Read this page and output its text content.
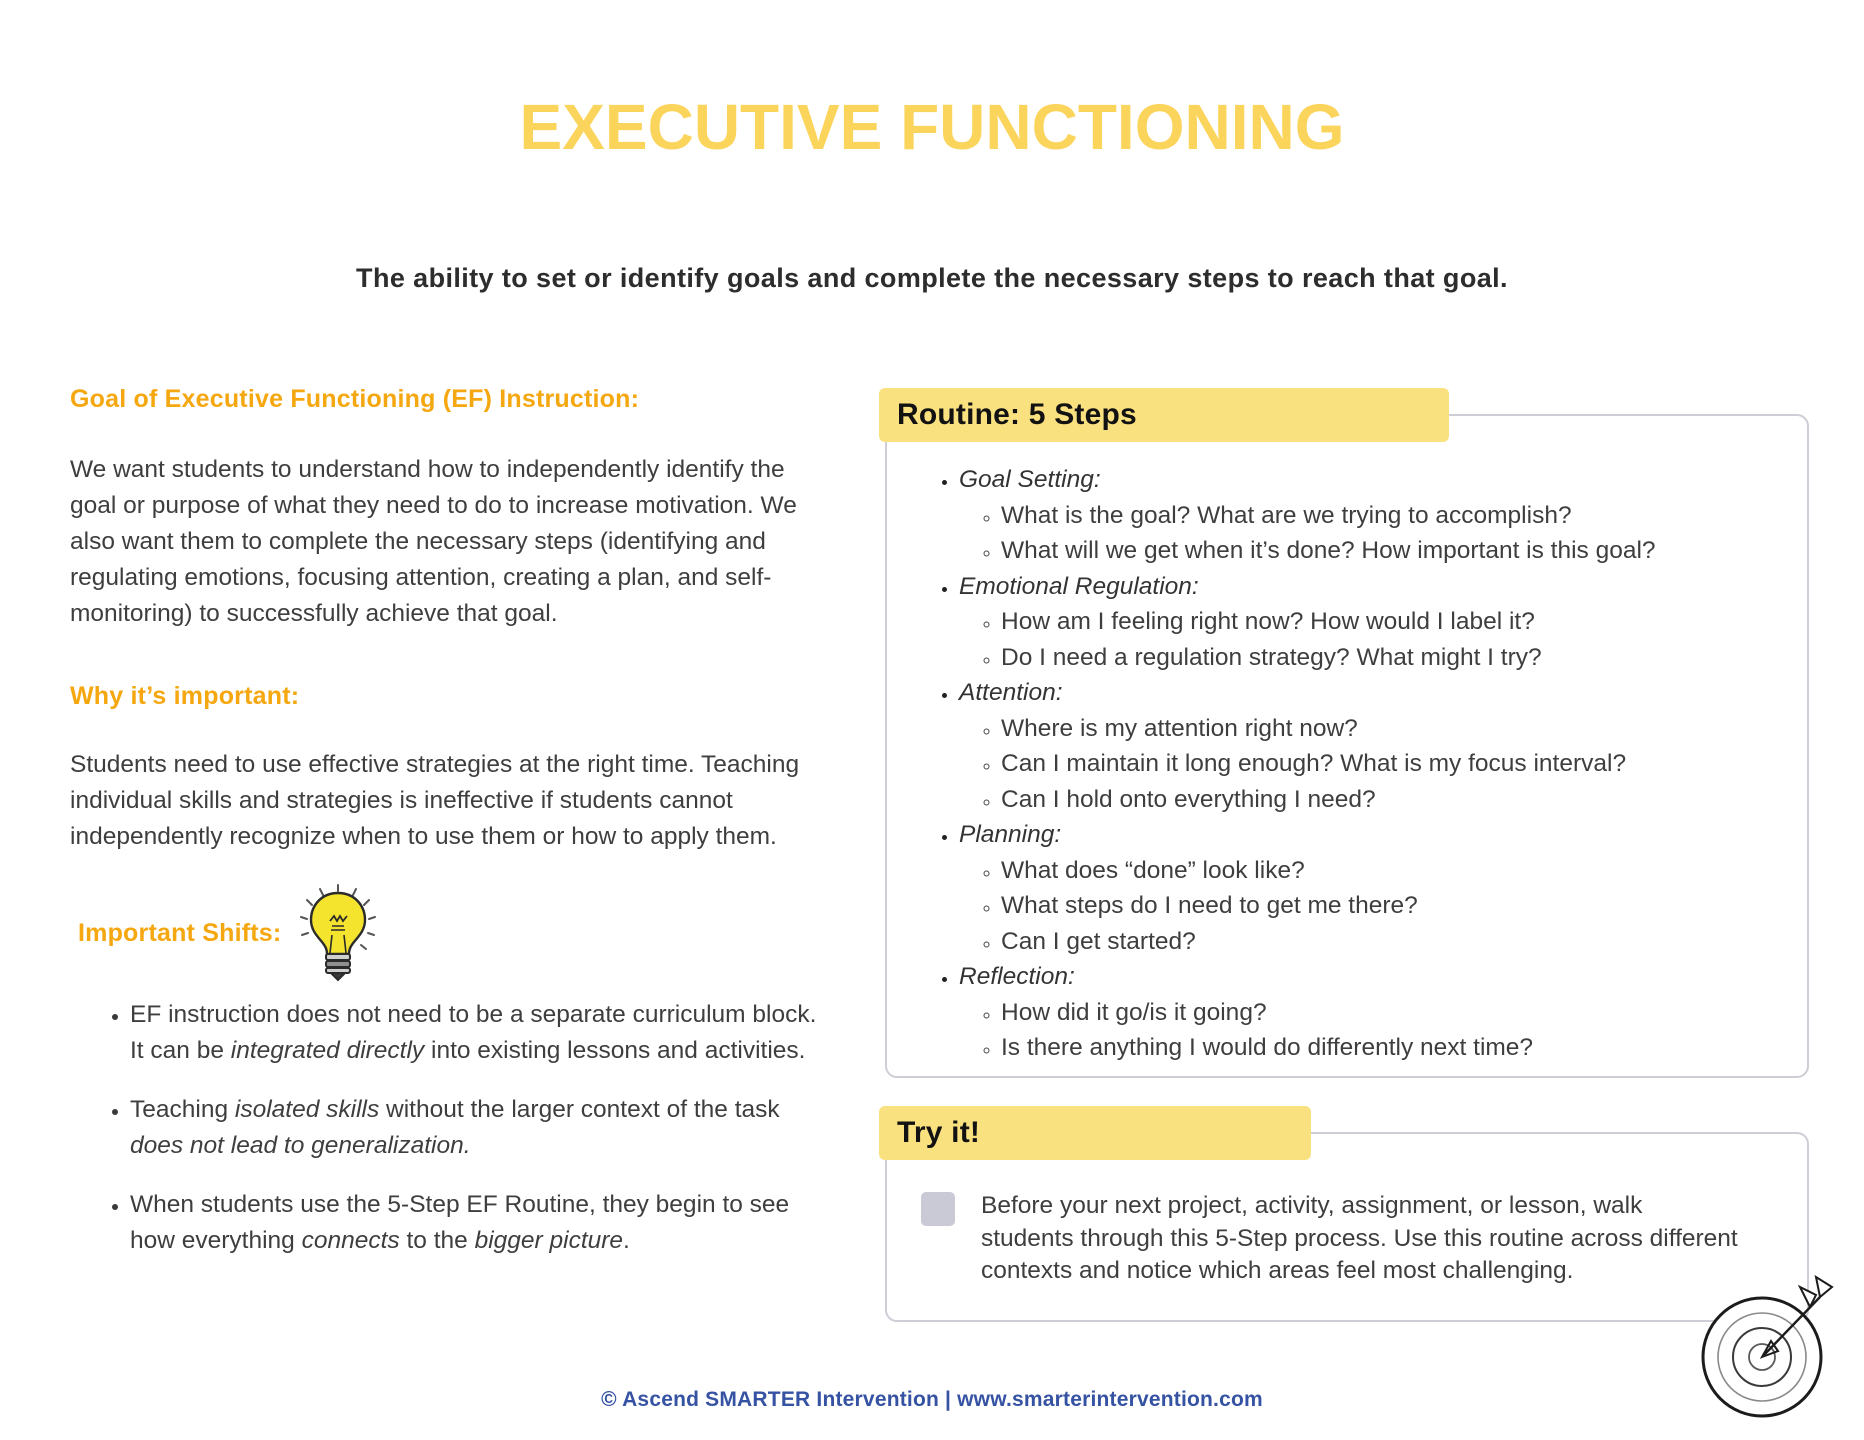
EXECUTIVE FUNCTIONING

The ability to set or identify goals and complete the necessary steps to reach that goal.

Goal of Executive Functioning (EF) Instruction:

We want students to understand how to independently identify the goal or purpose of what they need to do to increase motivation. We also want them to complete the necessary steps (identifying and regulating emotions, focusing attention, creating a plan, and self-monitoring) to successfully achieve that goal.

Why it’s important:

Students need to use effective strategies at the right time. Teaching individual skills and strategies is ineffective if students cannot independently recognize when to use them or how to apply them.

Important Shifts:
• EF instruction does not need to be a separate curriculum block. It can be integrated directly into existing lessons and activities.
• Teaching isolated skills without the larger context of the task does not lead to generalization.
• When students use the 5-Step EF Routine, they begin to see how everything connects to the bigger picture.
Routine: 5 Steps
• Goal Setting:
◦ What is the goal? What are we trying to accomplish?
◦ What will we get when it’s done? How important is this goal?
• Emotional Regulation:
◦ How am I feeling right now? How would I label it?
◦ Do I need a regulation strategy? What might I try?
• Attention:
◦ Where is my attention right now?
◦ Can I maintain it long enough? What is my focus interval?
◦ Can I hold onto everything I need?
• Planning:
◦ What does “done” look like?
◦ What steps do I need to get me there?
◦ Can I get started?
• Reflection:
◦ How did it go/is it going?
◦ Is there anything I would do differently next time?
Try it!

Before your next project, activity, assignment, or lesson, walk students through this 5-Step process. Use this routine across different contexts and notice which areas feel most challenging.

© Ascend SMARTER Intervention | www.smarterintervention.com
